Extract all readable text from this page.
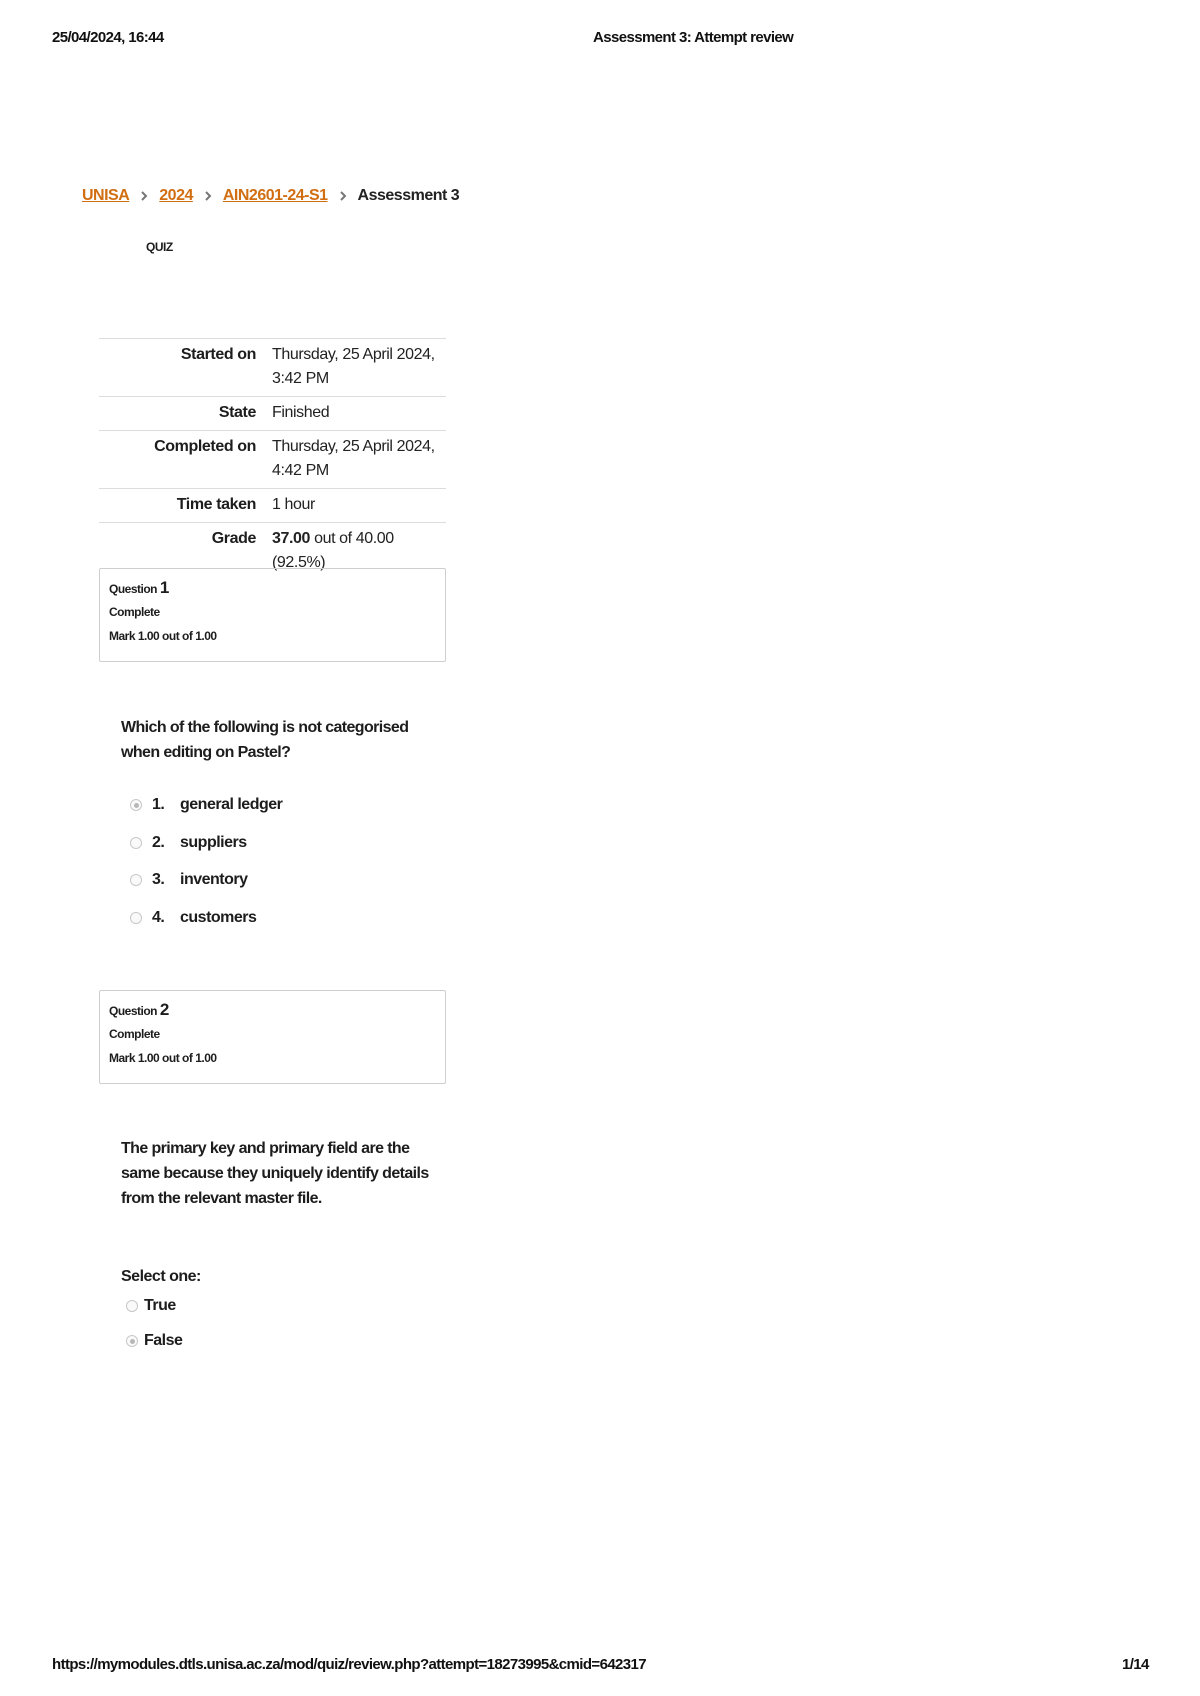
25/04/2024, 16:44	Assessment 3: Attempt review
UNISA 2024 AIN2601-24-S1 Assessment 3
QUIZ
Started on	Thursday, 25 April 2024, 3:42 PM
State	Finished
Completed on	Thursday, 25 April 2024, 4:42 PM
Time taken	1 hour
Grade	37.00 out of 40.00 (92.5%)
Question 1
Complete
Mark 1.00 out of 1.00
Which of the following is not categorised when editing on Pastel?
1. general ledger
2. suppliers
3. inventory
4. customers
Question 2
Complete
Mark 1.00 out of 1.00
The primary key and primary field are the same because they uniquely identify details from the relevant master file.
Select one:
True
False
https://mymodules.dtls.unisa.ac.za/mod/quiz/review.php?attempt=18273995&cmid=642317	1/14
